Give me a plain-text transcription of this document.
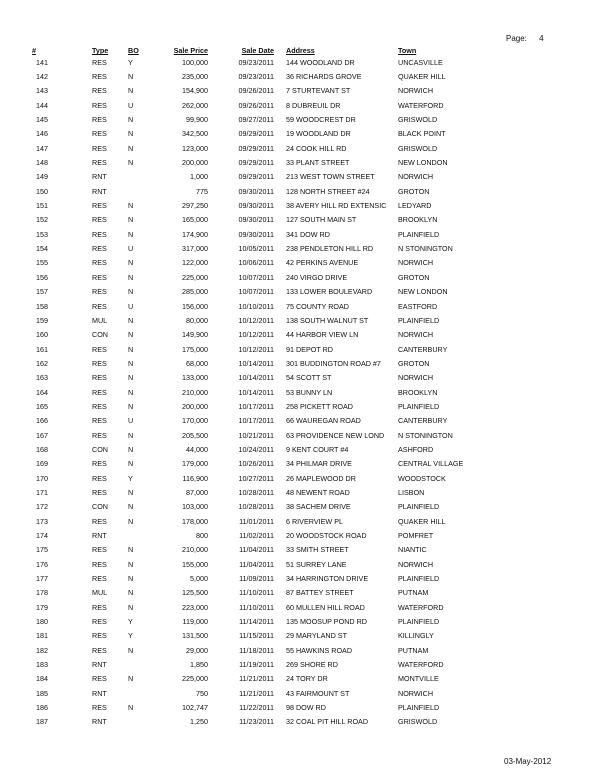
Page: 4
#	Type	BO	Sale Price	Sale Date	Address	Town
141	RES	Y	100,000	09/23/2011	144 WOODLAND DR	UNCASVILLE
142	RES	N	235,000	09/23/2011	36 RICHARDS GROVE	QUAKER HILL
143	RES	N	154,900	09/26/2011	7 STURTEVANT ST	NORWICH
144	RES	U	262,000	09/26/2011	8 DUBREUIL DR	WATERFORD
145	RES	N	99,900	09/27/2011	59 WOODCREST DR	GRISWOLD
146	RES	N	342,500	09/29/2011	19 WOODLAND DR	BLACK POINT
147	RES	N	123,000	09/29/2011	24 COOK HILL RD	GRISWOLD
148	RES	N	200,000	09/29/2011	33 PLANT STREET	NEW LONDON
149	RNT		1,000	09/29/2011	213 WEST TOWN STREET	NORWICH
150	RNT		775	09/30/2011	128 NORTH STREET #24	GROTON
151	RES	N	297,250	09/30/2011	38 AVERY HILL RD EXTENSIC	LEDYARD
152	RES	N	165,000	09/30/2011	127 SOUTH MAIN ST	BROOKLYN
153	RES	N	174,900	09/30/2011	341 DOW RD	PLAINFIELD
154	RES	U	317,000	10/05/2011	238 PENDLETON HILL RD	N STONINGTON
155	RES	N	122,000	10/06/2011	42 PERKINS AVENUE	NORWICH
156	RES	N	225,000	10/07/2011	240 VIRGO DRIVE	GROTON
157	RES	N	285,000	10/07/2011	133 LOWER BOULEVARD	NEW LONDON
158	RES	U	156,000	10/10/2011	75 COUNTY ROAD	EASTFORD
159	MUL	N	80,000	10/12/2011	138 SOUTH WALNUT ST	PLAINFIELD
160	CON	N	149,900	10/12/2011	44 HARBOR VIEW LN	NORWICH
161	RES	N	175,000	10/12/2011	91 DEPOT RD	CANTERBURY
162	RES	N	68,000	10/14/2011	301 BUDDINGTON ROAD #7	GROTON
163	RES	N	133,000	10/14/2011	54 SCOTT ST	NORWICH
164	RES	N	210,000	10/14/2011	53 BUNNY LN	BROOKLYN
165	RES	N	200,000	10/17/2011	258 PICKETT ROAD	PLAINFIELD
166	RES	U	170,000	10/17/2011	66 WAUREGAN ROAD	CANTERBURY
167	RES	N	205,500	10/21/2011	63 PROVIDENCE NEW LOND	N STONINGTON
168	CON	N	44,000	10/24/2011	9 KENT COURT #4	ASHFORD
169	RES	N	179,000	10/26/2011	34 PHILMAR DRIVE	CENTRAL VILLAGE
170	RES	Y	116,900	10/27/2011	26 MAPLEWOOD DR	WOODSTOCK
171	RES	N	87,000	10/28/2011	48 NEWENT ROAD	LISBON
172	CON	N	103,000	10/28/2011	38 SACHEM DRIVE	PLAINFIELD
173	RES	N	178,000	11/01/2011	6 RIVERVIEW PL	QUAKER HILL
174	RNT		800	11/02/2011	20 WOODSTOCK ROAD	POMFRET
175	RES	N	210,000	11/04/2011	33 SMITH STREET	NIANTIC
176	RES	N	155,000	11/04/2011	51 SURREY LANE	NORWICH
177	RES	N	5,000	11/09/2011	34 HARRINGTON DRIVE	PLAINFIELD
178	MUL	N	125,500	11/10/2011	87 BATTEY STREET	PUTNAM
179	RES	N	223,000	11/10/2011	60 MULLEN HILL ROAD	WATERFORD
180	RES	Y	119,000	11/14/2011	135 MOOSUP POND RD	PLAINFIELD
181	RES	Y	131,500	11/15/2011	29 MARYLAND ST	KILLINGLY
182	RES	N	29,000	11/18/2011	55 HAWKINS ROAD	PUTNAM
183	RNT		1,850	11/19/2011	269 SHORE RD	WATERFORD
184	RES	N	225,000	11/21/2011	24 TORY DR	MONTVILLE
185	RNT		750	11/21/2011	43 FAIRMOUNT ST	NORWICH
186	RES	N	102,747	11/22/2011	98 DOW RD	PLAINFIELD
187	RNT		1,250	11/23/2011	32 COAL PIT HILL ROAD	GRISWOLD
03-May-2012
